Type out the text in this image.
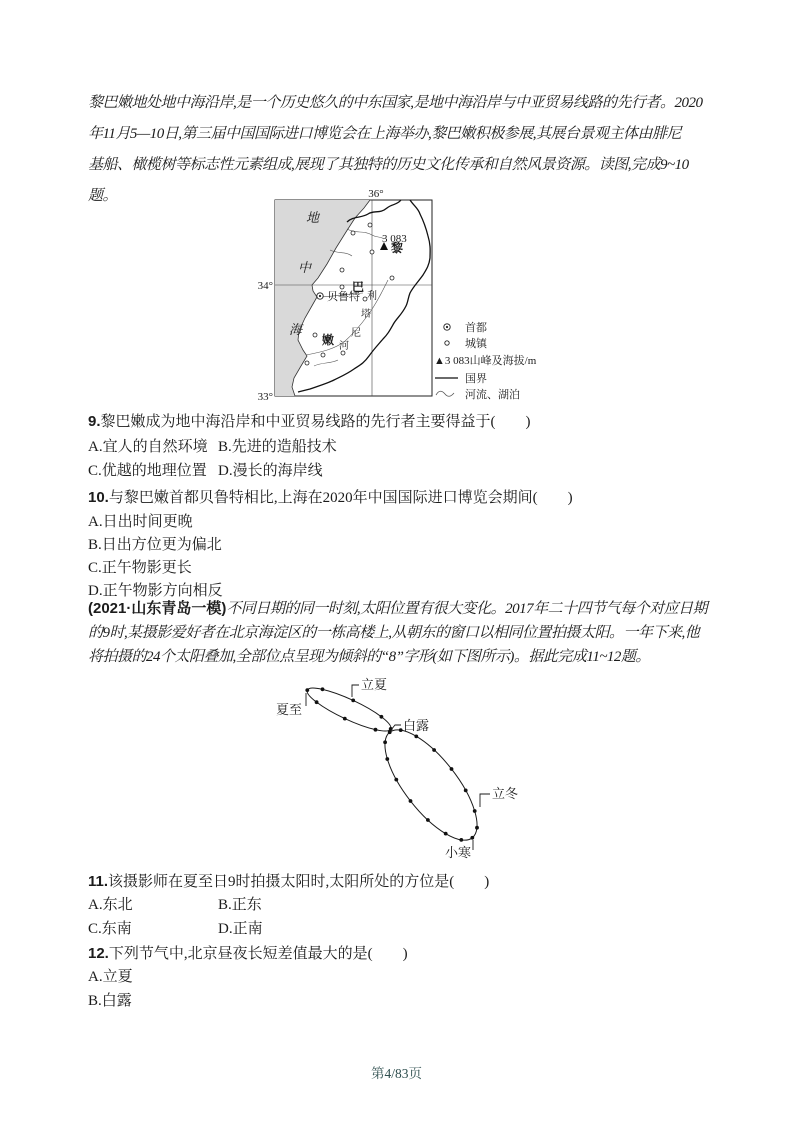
黎巴嫩地处地中海沿岸,是一个历史悠久的中东国家,是地中海沿岸与中亚贸易线路的先行者。2020
年11月5—10日,第三届中国国际进口博览会在上海举办,黎巴嫩积极参展,其展台景观主体由腓尼
基船、橄榄树等标志性元素组成,展现了其独特的历史文化传承和自然风景资源。读图,完成9~10
题。
贝鲁特
3 083
黎
巴
嫩
利
塔
尼
河
地
中
海
36°
34°
33°
首都
城镇
▲3 083山峰及海拔/m
国界
河流、湖泊
9.黎巴嫩成为地中海沿岸和中亚贸易线路的先行者主要得益于(　　)
A.宜人的自然环境 B.先进的造船技术
C.优越的地理位置 D.漫长的海岸线
10.与黎巴嫩首都贝鲁特相比,上海在2020年中国国际进口博览会期间(　　)
A.日出时间更晚
B.日出方位更为偏北
C.正午物影更长
D.正午物影方向相反
(2021·山东青岛一模)不同日期的同一时刻,太阳位置有很大变化。2017年二十四节气每个对应日期
的9时,某摄影爱好者在北京海淀区的一栋高楼上,从朝东的窗口以相同位置拍摄太阳。一年下来,他
将拍摄的24个太阳叠加,全部位点呈现为倾斜的“8”字形(如下图所示)。据此完成11~12题。
夏至
立夏
白露
立冬
小寒
11.该摄影师在夏至日9时拍摄太阳时,太阳所处的方位是(　　)
A.东北	B.正东
C.东南	D.正南
12.下列节气中,北京昼夜长短差值最大的是(　　)
A.立夏
B.白露
第4/83页
